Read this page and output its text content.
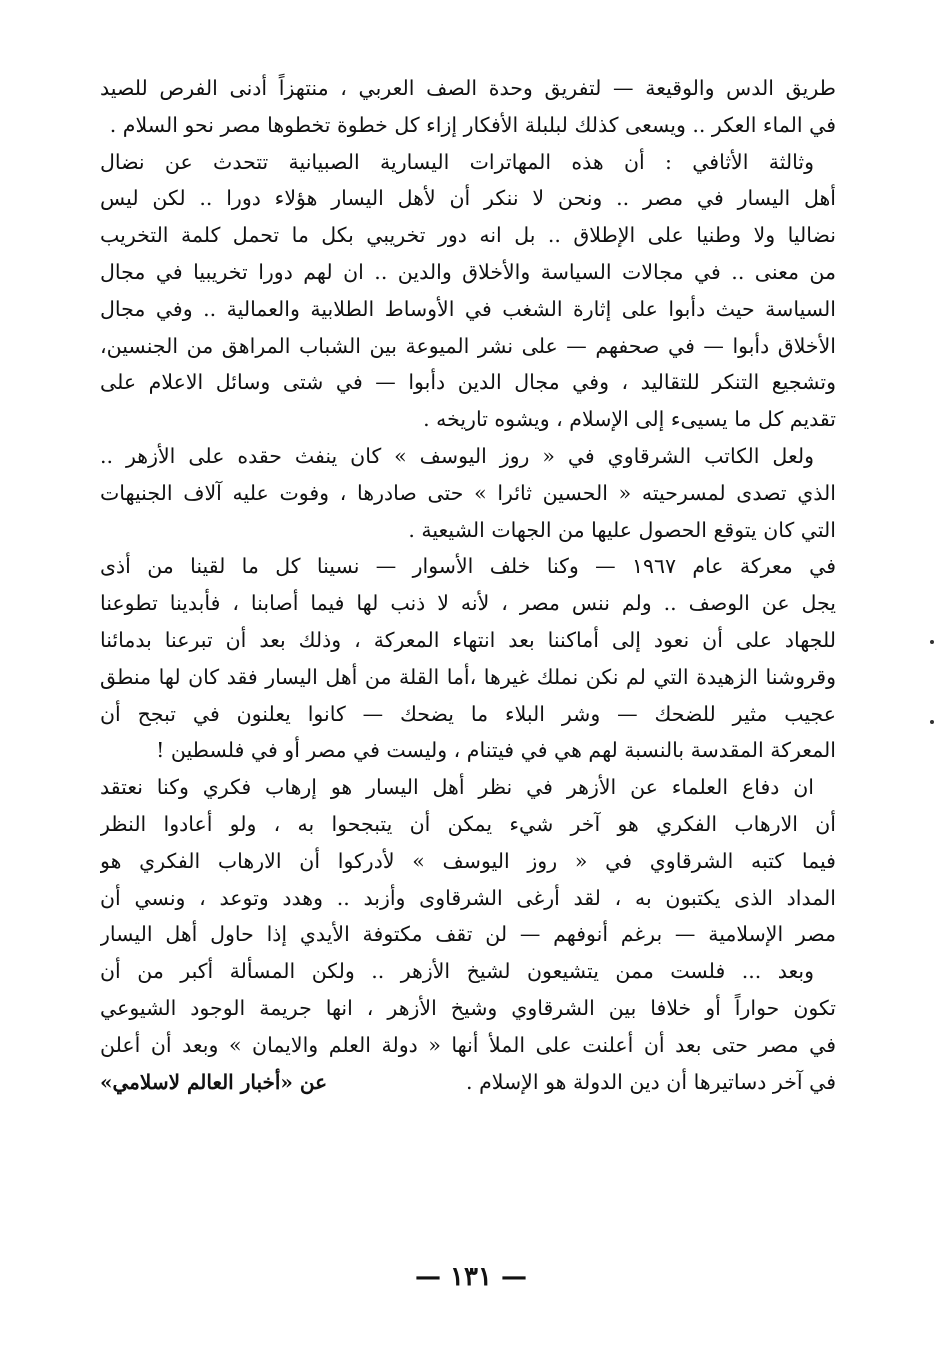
طريق الدس والوقيعة — لتفريق وحدة الصف العربي ، منتهزاً أدنى الفرص للصيد
في الماء العكر .. ويسعى كذلك لبلبلة الأفكار إزاء كل خطوة تخطوها مصر نحو السلام .
وثالثة الأثافي : أن هذه المهاترات اليسارية الصبيانية تتحدث عن نضال
أهل اليسار في مصر .. ونحن لا ننكر أن لأهل اليسار هؤلاء دورا .. لكن ليس
نضاليا ولا وطنيا على الإطلاق .. بل انه دور تخريبي بكل ما تحمل كلمة التخريب
من معنى .. في مجالات السياسة والأخلاق والدين .. ان لهم دورا تخريبيا في مجال
السياسة حيث دأبوا على إثارة الشغب في الأوساط الطلابية والعمالية .. وفي مجال
الأخلاق دأبوا — في صحفهم — على نشر الميوعة بين الشباب المراهق من الجنسين،
وتشجيع التنكر للتقاليد ، وفي مجال الدين دأبوا — في شتى وسائل الاعلام على
تقديم كل ما يسيىء إلى الإسلام ، ويشوه تاريخه .
ولعل الكاتب الشرقاوي في « روز اليوسف » كان ينفث حقده على الأزهر ..
الذي تصدى لمسرحيته « الحسين ثائرا » حتى صادرها ، وفوت عليه آلاف الجنيهات
التي كان يتوقع الحصول عليها من الجهات الشيعية .
في معركة عام ١٩٦٧ — وكنا خلف الأسوار — نسينا كل ما لقينا من أذى
يجل عن الوصف .. ولم ننس مصر ، لأنه لا ذنب لها فيما أصابنا ، فأبدينا تطوعنا
للجهاد على أن نعود إلى أماكننا بعد انتهاء المعركة ، وذلك بعد أن تبرعنا بدمائنا
وقروشنا الزهيدة التي لم نكن نملك غيرها ،أما القلة من أهل اليسار فقد كان لها منطق
عجيب مثير للضحك — وشر البلاء ما يضحك — كانوا يعلنون في تبجح أن
المعركة المقدسة بالنسبة لهم هي في فيتنام ، وليست في مصر أو في فلسطين !
ان دفاع العلماء عن الأزهر في نظر أهل اليسار هو إرهاب فكري وكنا نعتقد
أن الارهاب الفكري هو آخر شيء يمكن أن يتبجحوا به ، ولو أعادوا النظر
فيما كتبه الشرقاوي في « روز اليوسف » لأدركوا أن الارهاب الفكري هو
المداد الذى يكتبون به ، لقد أرغى الشرقاوى وأزبد .. وهدد وتوعد ، ونسي أن
مصر الإسلامية — برغم أنوفهم — لن تقف مكتوفة الأيدي إذا حاول أهل اليسار
وبعد ... فلست ممن يتشيعون لشيخ الأزهر .. ولكن المسألة أكبر من أن
تكون حواراً أو خلافا بين الشرقاوي وشيخ الأزهر ، انها جريمة الوجود الشيوعي
في مصر حتى بعد أن أعلنت على الملأ أنها « دولة العلم والايمان » وبعد أن أعلن
في آخر دساتيرها أن دين الدولة هو الإسلام .
عن «أخبار العالم لاسلامي»
— ١٣١ —
